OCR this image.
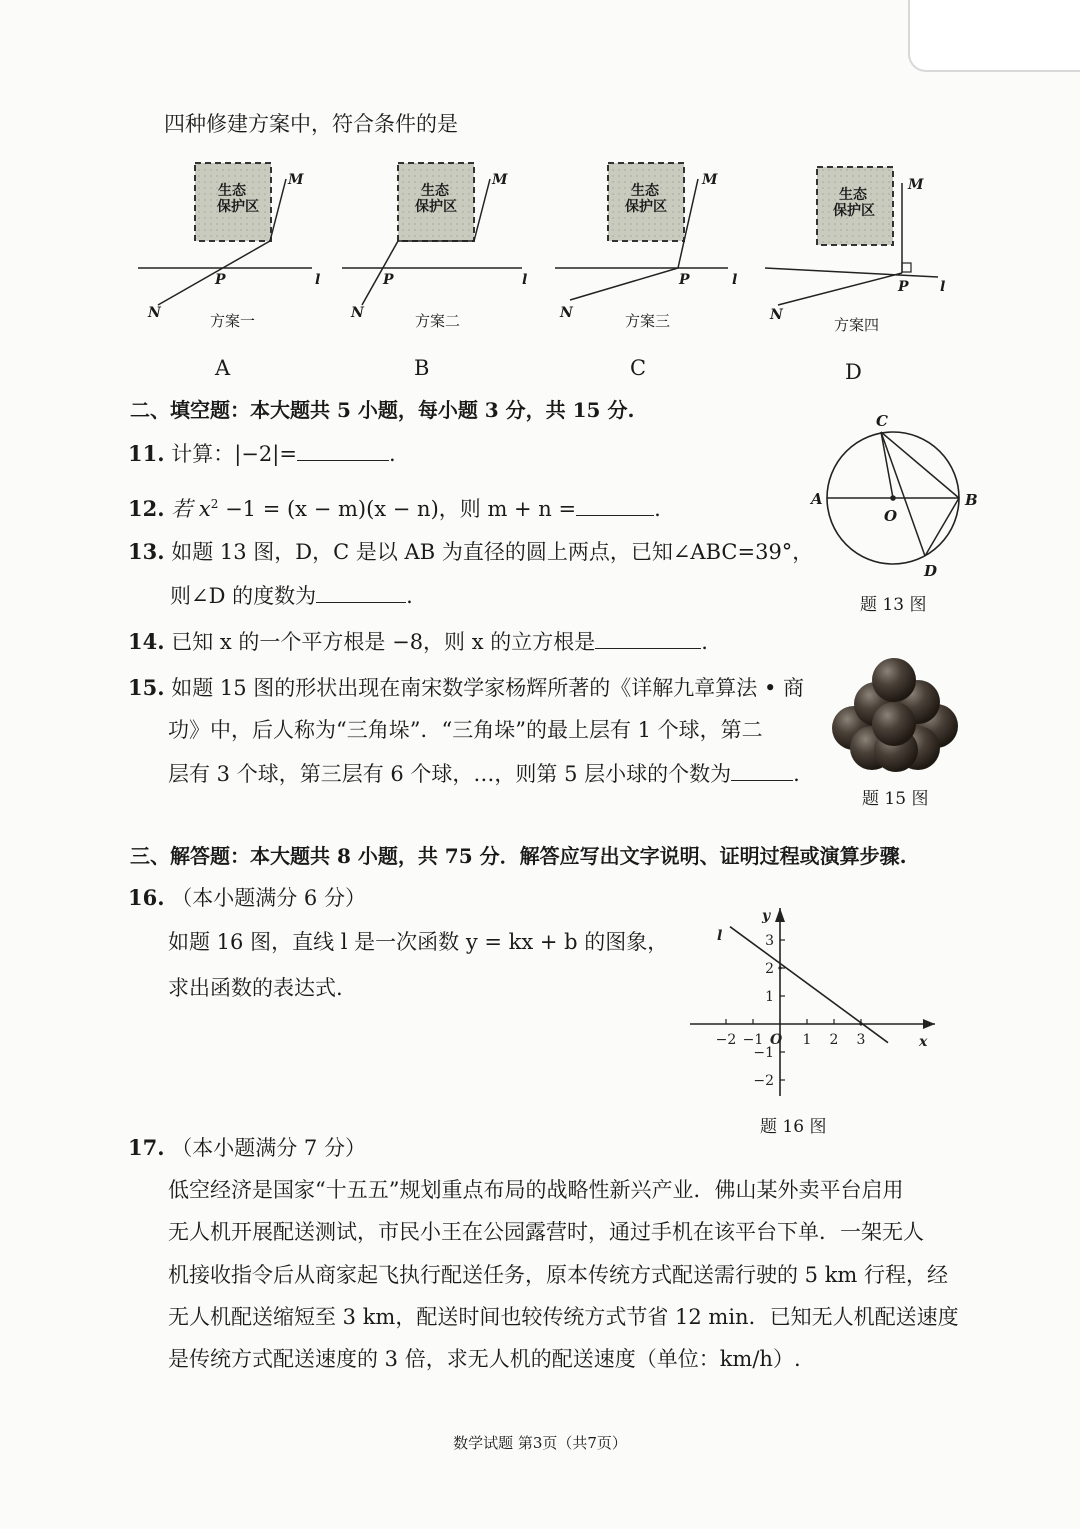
四种修建方案中，符合条件的是
生态
保护区
生态
保护区
生态
保护区
生态
保护区
M
N
P	l
M
N
P	l
M
N
P	l
M
N
P l
方案一	方案二	方案三	方案四
A	B	C	D
二、填空题：本大题共 5 小题，每小题 3 分，共 15 分.
11. 计算：|−2|=	.
12. 若 $x^2 -1 = (x - m)(x - n)$，则 m + n =	.
13. 如题 13 图，D，C 是以 AB 为直径的圆上两点，已知∠ABC=39°，
则∠D 的度数为	.
14. 已知 x 的一个平方根是 −8，则 x 的立方根是	.
15. 如题 15 图的形状出现在南宋数学家杨辉所著的《详解九章算法 • 商
功》中，后人称为“三角垛”．“三角垛”的最上层有 1 个球，第二
层有 3 个球，第三层有 6 个球，…，则第 5 层小球的个数为	.
A	B
C
D
O
题 13 图
题 15 图
三、解答题：本大题共 8 小题，共 75 分．解答应写出文字说明、证明过程或演算步骤.
16. （本小题满分 6 分）
如题 16 图，直线 l 是一次函数 y = kx + b 的图象，
求出函数的表达式.
−2 −1	1 2 3
−2
−1
1
2
3
O	x
y
l
题 16 图
17. （本小题满分 7 分）
低空经济是国家“十五五”规划重点布局的战略性新兴产业．佛山某外卖平台启用
无人机开展配送测试，市民小王在公园露营时，通过手机在该平台下单．一架无人
机接收指令后从商家起飞执行配送任务，原本传统方式配送需行驶的 5 km 行程，经
无人机配送缩短至 3 km，配送时间也较传统方式节省 12 min．已知无人机配送速度
是传统方式配送速度的 3 倍，求无人机的配送速度（单位：km/h）.
数学试题 第3页（共7页）
